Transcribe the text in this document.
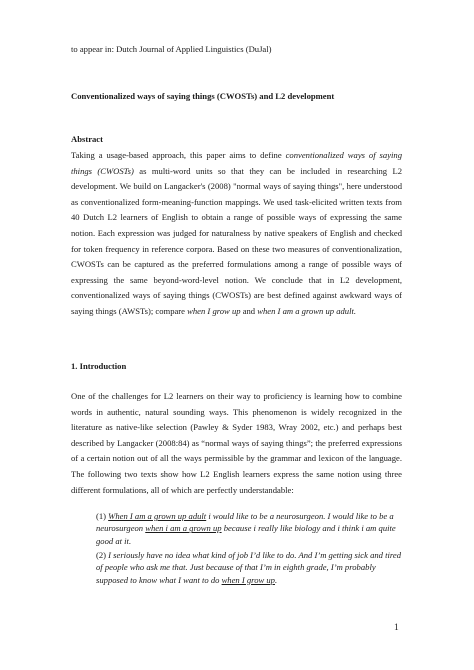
to appear in: Dutch Journal of Applied Linguistics (DuJal)

Conventionalized ways of saying things (CWOSTs) and L2 development

Abstract

Taking a usage-based approach, this paper aims to define conventionalized ways of saying things (CWOSTs) as multi-word units so that they can be included in researching L2 development. We build on Langacker's (2008) "normal ways of saying things", here understood as conventionalized form-meaning-function mappings. We used task-elicited written texts from 40 Dutch L2 learners of English to obtain a range of possible ways of expressing the same notion. Each expression was judged for naturalness by native speakers of English and checked for token frequency in reference corpora. Based on these two measures of conventionalization, CWOSTs can be captured as the preferred formulations among a range of possible ways of expressing the same beyond-word-level notion. We conclude that in L2 development, conventionalized ways of saying things (CWOSTs) are best defined against awkward ways of saying things (AWSTs); compare when I grow up and when I am a grown up adult.

1. Introduction

One of the challenges for L2 learners on their way to proficiency is learning how to combine words in authentic, natural sounding ways. This phenomenon is widely recognized in the literature as native-like selection (Pawley & Syder 1983, Wray 2002, etc.) and perhaps best described by Langacker (2008:84) as “normal ways of saying things”; the preferred expressions of a certain notion out of all the ways permissible by the grammar and lexicon of the language. The following two texts show how L2 English learners express the same notion using three different formulations, all of which are perfectly understandable:

(1) When I am a grown up adult i would like to be a neurosurgeon. I would like to be a neurosurgeon when i am a grown up because i really like biology and i think i am quite good at it.

(2) I seriously have no idea what kind of job I’d like to do. And I’m getting sick and tired of people who ask me that. Just because of that I’m in eighth grade, I’m probably supposed to know what I want to do when I grow up.

1
